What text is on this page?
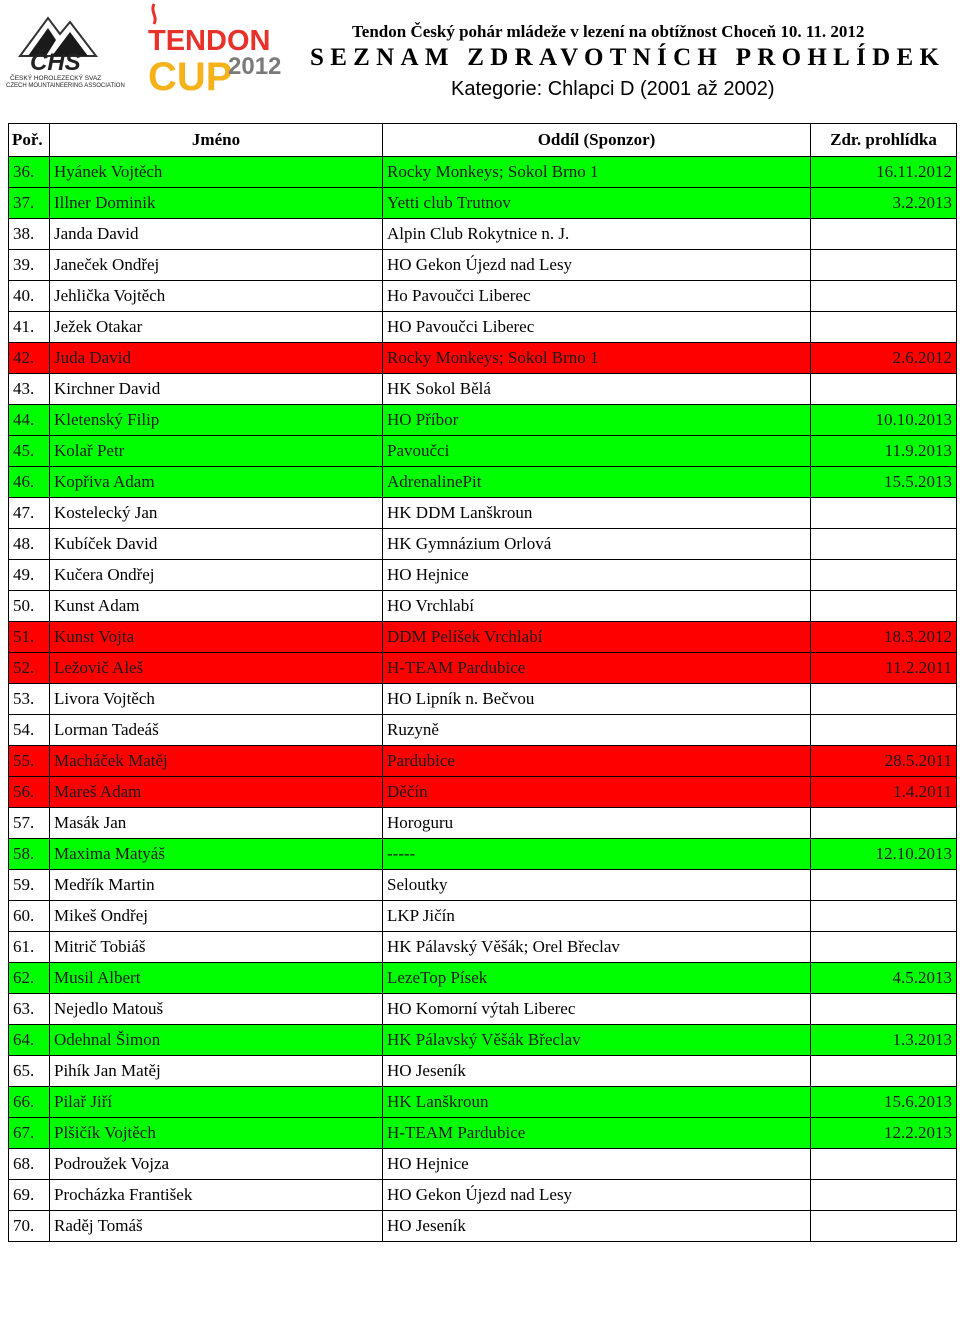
ČHS
ČESKÝ HOROLEZECKÝ SVAZ
CZECH MOUNTAINEERING ASSOCIATION
TENDON
CUP
2012
Tendon Český pohár mládeže v lezení na obtížnost Choceň 10. 11. 2012
SEZNAM ZDRAVOTNÍCH PROHLÍDEK
Kategorie: Chlapci D (2001 až 2002)
Poř.	Jméno	Oddíl (Sponzor)	Zdr. prohlídka
36.	Hyánek Vojtěch	Rocky Monkeys; Sokol Brno 1	16.11.2012
37.	Illner Dominik	Yetti club Trutnov	3.2.2013
38.	Janda David	Alpin Club Rokytnice n. J.	
39.	Janeček Ondřej	HO Gekon Újezd nad Lesy	
40.	Jehlička Vojtěch	Ho Pavoučci Liberec	
41.	Ježek Otakar	HO Pavoučci Liberec	
42.	Juda David	Rocky Monkeys; Sokol Brno 1	2.6.2012
43.	Kirchner David	HK Sokol Bělá	
44.	Kletenský Filip	HO Příbor	10.10.2013
45.	Kolař Petr	Pavoučci	11.9.2013
46.	Kopřiva Adam	AdrenalinePit	15.5.2013
47.	Kostelecký Jan	HK DDM Lanškroun	
48.	Kubíček David	HK Gymnázium Orlová	
49.	Kučera Ondřej	HO Hejnice	
50.	Kunst Adam	HO Vrchlabí	
51.	Kunst Vojta	DDM Pelíšek Vrchlabí	18.3.2012
52.	Ležovič Aleš	H-TEAM Pardubice	11.2.2011
53.	Livora Vojtěch	HO Lipník n. Bečvou	
54.	Lorman Tadeáš	Ruzyně	
55.	Macháček Matěj	Pardubice	28.5.2011
56.	Mareš Adam	Děčín	1.4.2011
57.	Masák Jan	Horoguru	
58.	Maxima Matyáš	-----	12.10.2013
59.	Medřík Martin	Seloutky	
60.	Mikeš Ondřej	LKP Jičín	
61.	Mitrič Tobiáš	HK Pálavský Věšák; Orel Břeclav	
62.	Musil Albert	LezeTop Písek	4.5.2013
63.	Nejedlo Matouš	HO Komorní výtah Liberec	
64.	Odehnal Šimon	HK Pálavský Věšák Břeclav	1.3.2013
65.	Pihík Jan Matěj	HO Jeseník	
66.	Pilař Jiří	HK Lanškroun	15.6.2013
67.	Plšičík Vojtěch	H-TEAM Pardubice	12.2.2013
68.	Podroužek Vojza	HO Hejnice	
69.	Procházka František	HO Gekon Újezd nad Lesy	
70.	Raděj Tomáš	HO Jeseník	
